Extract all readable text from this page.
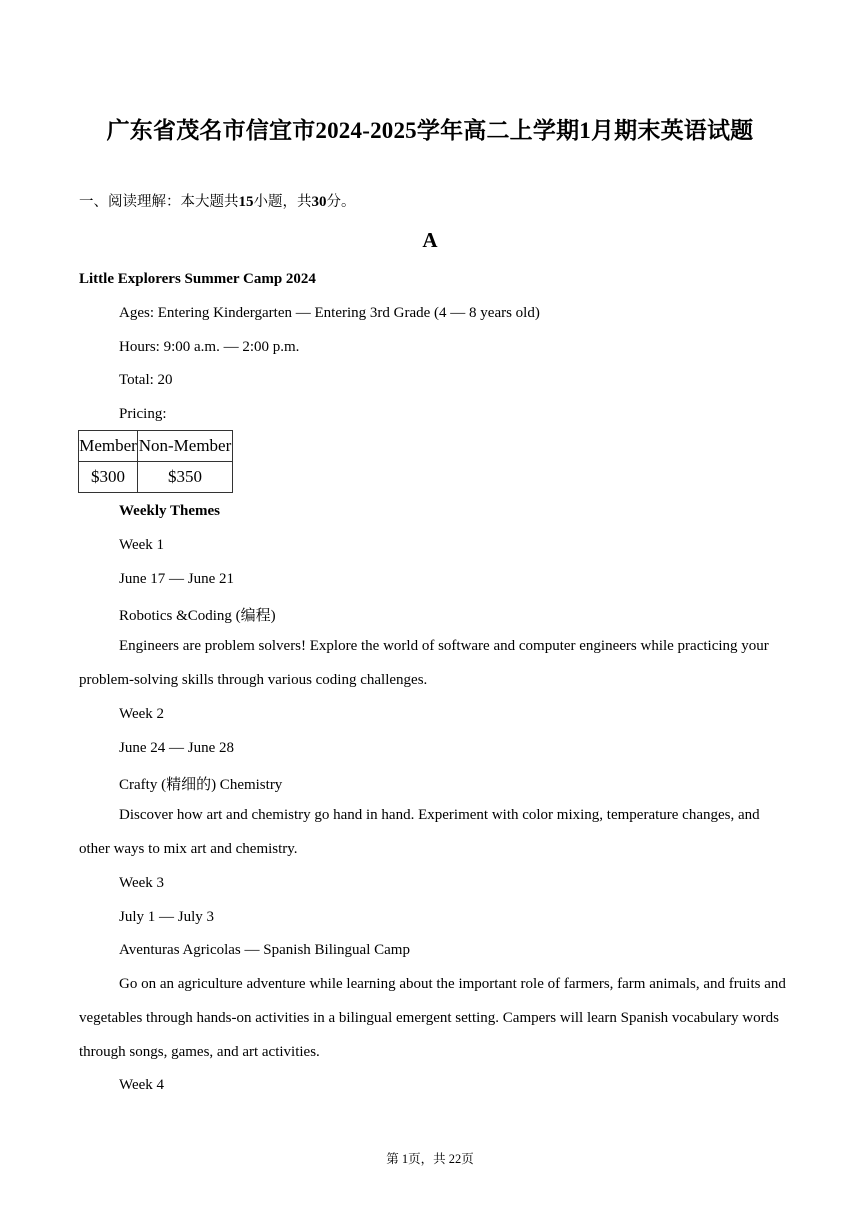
广东省茂名市信宜市2024-2025学年高二上学期1月期末英语试题
一、阅读理解：本大题共15小题，共30分。
A
Little Explorers Summer Camp 2024
Ages: Entering Kindergarten — Entering 3rd Grade (4 — 8 years old)
Hours: 9:00 a.m. — 2:00 p.m.
Total: 20
Pricing:
Member	Non-Member
$300	$350
Weekly Themes
Week 1
June 17 — June 21
Robotics &Coding (编程)
Engineers are problem solvers! Explore the world of software and computer engineers while practicing your
problem-solving skills through various coding challenges.
Week 2
June 24 — June 28
Crafty (精细的) Chemistry
Discover how art and chemistry go hand in hand. Experiment with color mixing, temperature changes, and
other ways to mix art and chemistry.
Week 3
July 1 — July 3
Aventuras Agricolas — Spanish Bilingual Camp
Go on an agriculture adventure while learning about the important role of farmers, farm animals, and fruits and
vegetables through hands-on activities in a bilingual emergent setting. Campers will learn Spanish vocabulary words
through songs, games, and art activities.
Week 4
第 1页，共 22页
